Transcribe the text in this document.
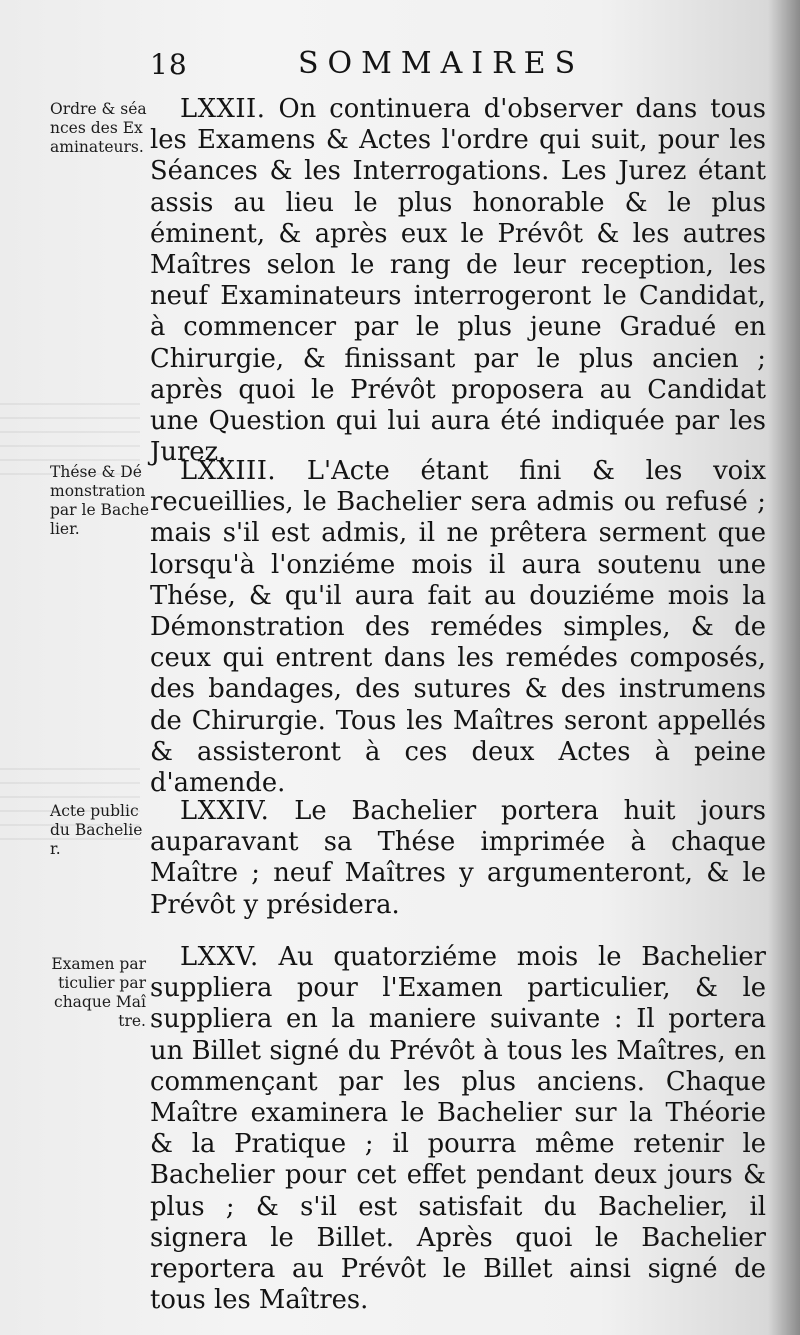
18	SOMMAIRES

Ordre & séances des Examinateurs.

LXXII. On continuera d'observer dans tous les Examens & Actes l'ordre qui suit, pour les Séances & les Interrogations. Les Jurez étant assis au lieu le plus honorable & le plus éminent, & après eux le Prévôt & les autres Maîtres selon le rang de leur reception, les neuf Examinateurs interrogeront le Candidat, à commencer par le plus jeune Gradué en Chirurgie, & finissant par le plus ancien ; après quoi le Prévôt proposera au Candidat une Question qui lui aura été indiquée par les Jurez.

Thése & Démonstration par le Bachelier.

LXXIII. L'Acte étant fini & les voix recueillies, le Bachelier sera admis ou refusé ; mais s'il est admis, il ne prêtera serment que lorsqu'à l'onziéme mois il aura soutenu une Thése, & qu'il aura fait au douziéme mois la Démonstration des remédes simples, & de ceux qui entrent dans les remédes composés, des bandages, des sutures & des instrumens de Chirurgie. Tous les Maîtres seront appellés & assisteront à ces deux Actes à peine d'amende.

Acte public du Bachelier.

LXXIV. Le Bachelier portera huit jours auparavant sa Thése imprimée à chaque Maître ; neuf Maîtres y argumenteront, & le Prévôt y présidera.

Examen particulier par chaque Maître.

LXXV. Au quatorziéme mois le Bachelier suppliera pour l'Examen particulier, & le suppliera en la maniere suivante : Il portera un Billet signé du Prévôt à tous les Maîtres, en commençant par les plus anciens. Chaque Maître examinera le Bachelier sur la Théorie & la Pratique ; il pourra même retenir le Bachelier pour cet effet pendant deux jours & plus ; & s'il est satisfait du Bachelier, il signera le Billet. Après quoi le Bachelier reportera au Prévôt le Billet ainsi signé de tous les Maîtres.
